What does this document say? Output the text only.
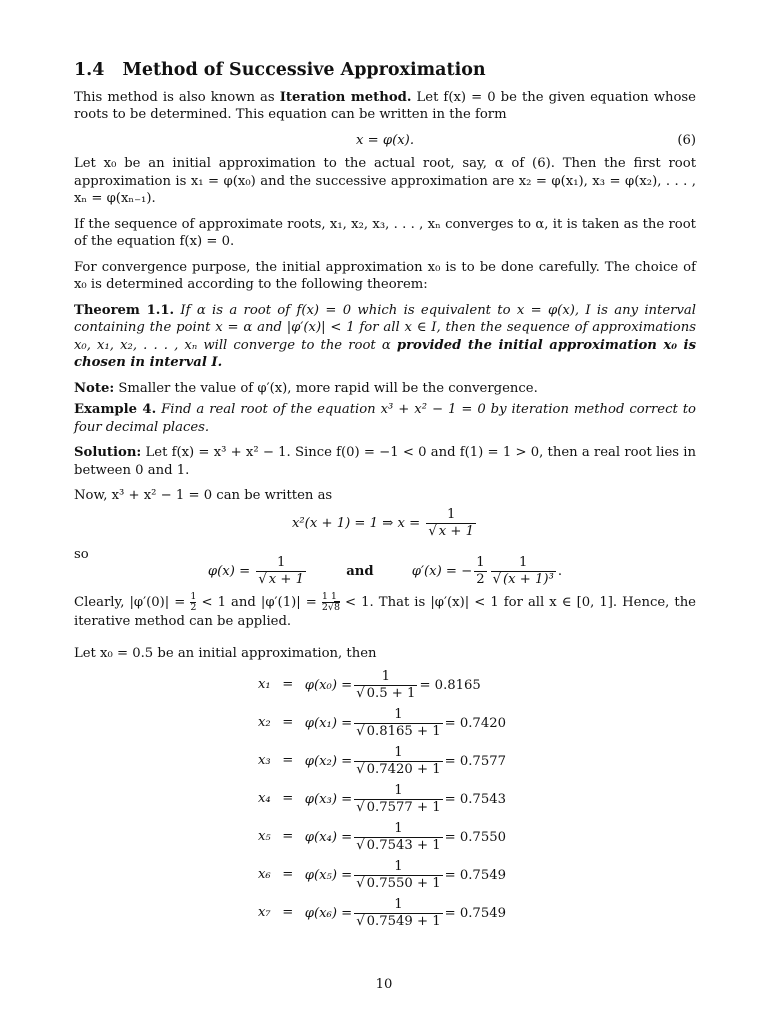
1.4 Method of Successive Approximation

This method is also known as Iteration method. Let f(x) = 0 be the given equation whose roots to be determined. This equation can be written in the form

x = φ(x).	(6)

Let x₀ be an initial approximation to the actual root, say, α of (6). Then the first root approximation is x₁ = φ(x₀) and the successive approximation are x₂ = φ(x₁), x₃ = φ(x₂), . . . , xₙ = φ(xₙ₋₁).

If the sequence of approximate roots, x₁, x₂, x₃, . . . , xₙ converges to α, it is taken as the root of the equation f(x) = 0.

For convergence purpose, the initial approximation x₀ is to be done carefully. The choice of x₀ is determined according to the following theorem:

Theorem 1.1. If α is a root of f(x) = 0 which is equivalent to x = φ(x), I is any interval containing the point x = α and |φ′(x)| < 1 for all x ∈ I, then the sequence of approximations x₀, x₁, x₂, . . . , xₙ will converge to the root α provided the initial approximation x₀ is chosen in interval I.

Note: Smaller the value of φ′(x), more rapid will be the convergence.

Example 4. Find a real root of the equation x³ + x² − 1 = 0 by iteration method correct to four decimal places.

Solution: Let f(x) = x³ + x² − 1. Since f(0) = −1 < 0 and f(1) = 1 > 0, then a real root lies in between 0 and 1.

Now, x³ + x² − 1 = 0 can be written as

x²(x + 1) = 1 ⇒ $x = \frac{1}{√ x + 1}$
so
$\varphi(x) = \frac{1}{√ x + 1}$	and	φ′(x) = − $\frac{1}{2} \frac{1}{\text{√ (x + 1)³}}$ .

Clearly, $|\varphi'(0)| = \frac{1}{2} < 1$ and $|\varphi'(1)| = \frac{1}{2} \frac{1}{√8} < 1$. That is |φ′(x)| < 1 for all x ∈ [0, 1]. Hence, the iterative method can be applied.

Let x₀ = 0.5 be an initial approximation, then

x₁	=	$\varphi(x_0) = \frac{1}{√ 0.5 + 1} = 0.8165$
x₂	=	$\varphi(x_1) = \frac{1}{√ 0.8165 + 1} = 0.7420$
x₃	=	$\varphi(x_2) = \frac{1}{√ 0.7420 + 1} = 0.7577$
x₄	=	$\varphi(x_3) = \frac{1}{√ 0.7577 + 1} = 0.7543$
x₅	=	$\varphi(x_4) = \frac{1}{√ 0.7543 + 1} = 0.7550$
x₆	=	$\varphi(x_5) = \frac{1}{√ 0.7550 + 1} = 0.7549$
x₇	=	$\varphi(x_6) = \frac{1}{√ 0.7549 + 1} = 0.7549$
10
